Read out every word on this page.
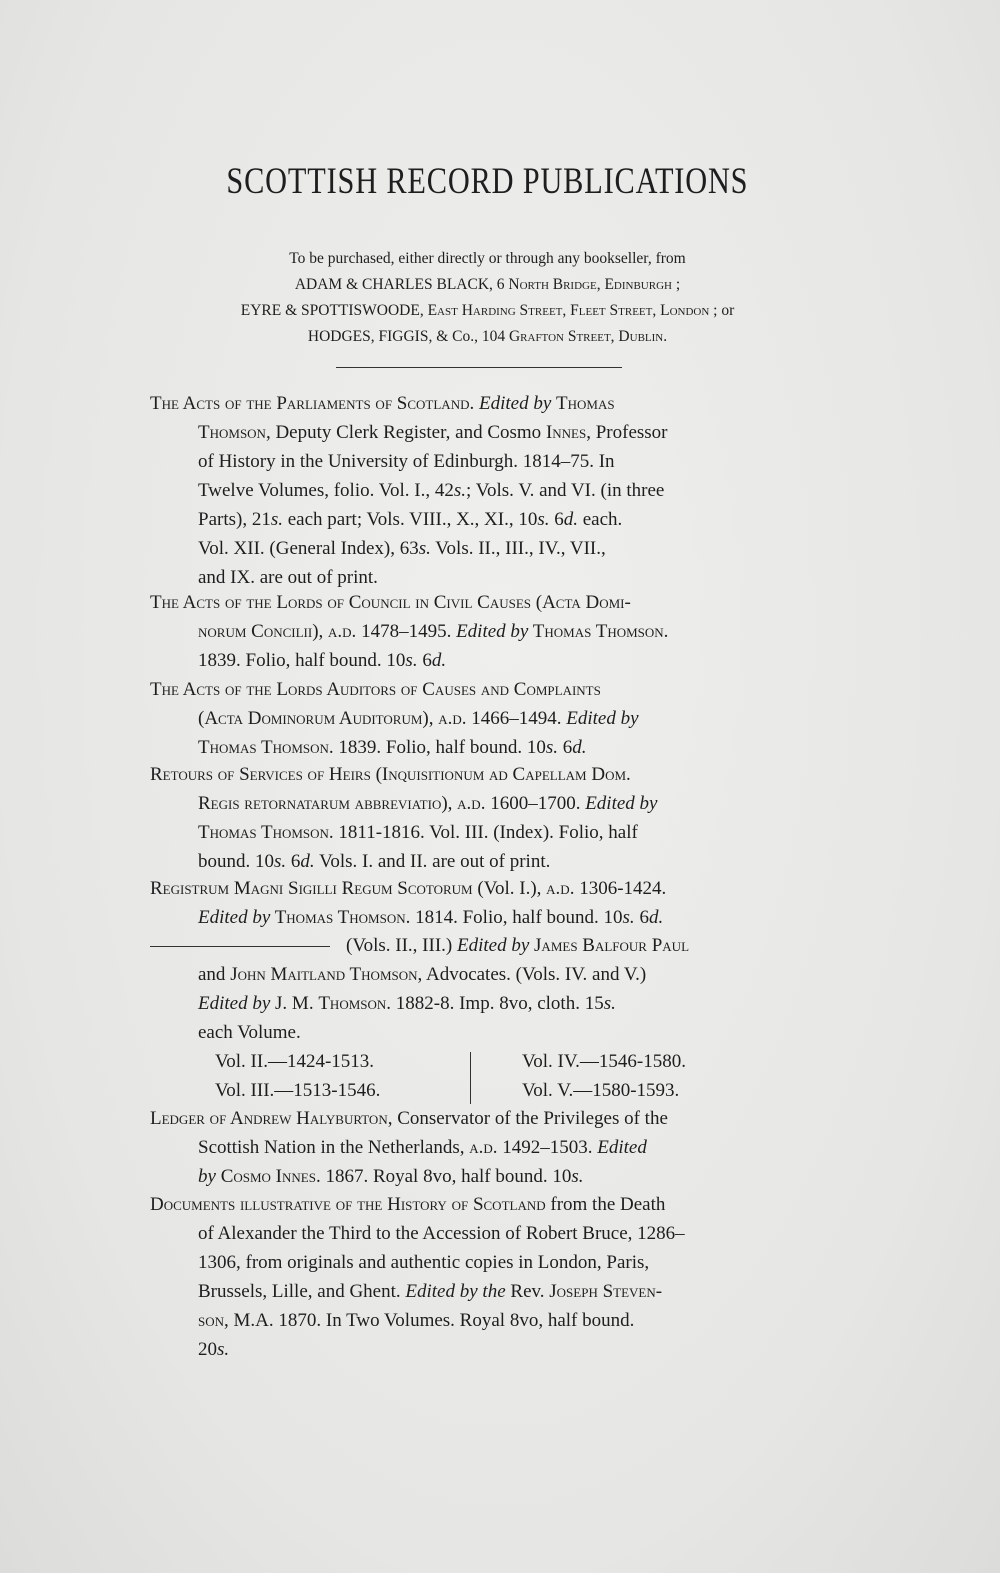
SCOTTISH RECORD PUBLICATIONS
To be purchased, either directly or through any bookseller, from
ADAM & CHARLES BLACK, 6 North Bridge, Edinburgh ;
EYRE & SPOTTISWOODE, East Harding Street, Fleet Street, London ; or
HODGES, FIGGIS, & Co., 104 Grafton Street, Dublin.
The Acts of the Parliaments of Scotland. Edited by Thomas
Thomson, Deputy Clerk Register, and Cosmo Innes, Professor
of History in the University of Edinburgh. 1814–75. In
Twelve Volumes, folio. Vol. I., 42s.; Vols. V. and VI. (in three
Parts), 21s. each part; Vols. VIII., X., XI., 10s. 6d. each.
Vol. XII. (General Index), 63s. Vols. II., III., IV., VII.,
and IX. are out of print.
The Acts of the Lords of Council in Civil Causes (Acta Domi-
norum Concilii), a.d. 1478–1495. Edited by Thomas Thomson.
1839. Folio, half bound. 10s. 6d.
The Acts of the Lords Auditors of Causes and Complaints
(Acta Dominorum Auditorum), a.d. 1466–1494. Edited by
Thomas Thomson. 1839. Folio, half bound. 10s. 6d.
Retours of Services of Heirs (Inquisitionum ad Capellam Dom.
Regis retornatarum abbreviatio), a.d. 1600–1700. Edited by
Thomas Thomson. 1811-1816. Vol. III. (Index). Folio, half
bound. 10s. 6d. Vols. I. and II. are out of print.
Registrum Magni Sigilli Regum Scotorum (Vol. I.), a.d. 1306-1424.
Edited by Thomas Thomson. 1814. Folio, half bound. 10s. 6d.
(Vols. II., III.) Edited by James Balfour Paul
and John Maitland Thomson, Advocates. (Vols. IV. and V.)
Edited by J. M. Thomson. 1882-8. Imp. 8vo, cloth. 15s.
each Volume.
Vol. II.—1424-1513.
Vol. III.—1513-1546.
Vol. IV.—1546-1580.
Vol. V.—1580-1593.
Ledger of Andrew Halyburton, Conservator of the Privileges of the
Scottish Nation in the Netherlands, a.d. 1492–1503. Edited
by Cosmo Innes. 1867. Royal 8vo, half bound. 10s.
Documents illustrative of the History of Scotland from the Death
of Alexander the Third to the Accession of Robert Bruce, 1286–
1306, from originals and authentic copies in London, Paris,
Brussels, Lille, and Ghent. Edited by the Rev. Joseph Steven-
son, M.A. 1870. In Two Volumes. Royal 8vo, half bound.
20s.
